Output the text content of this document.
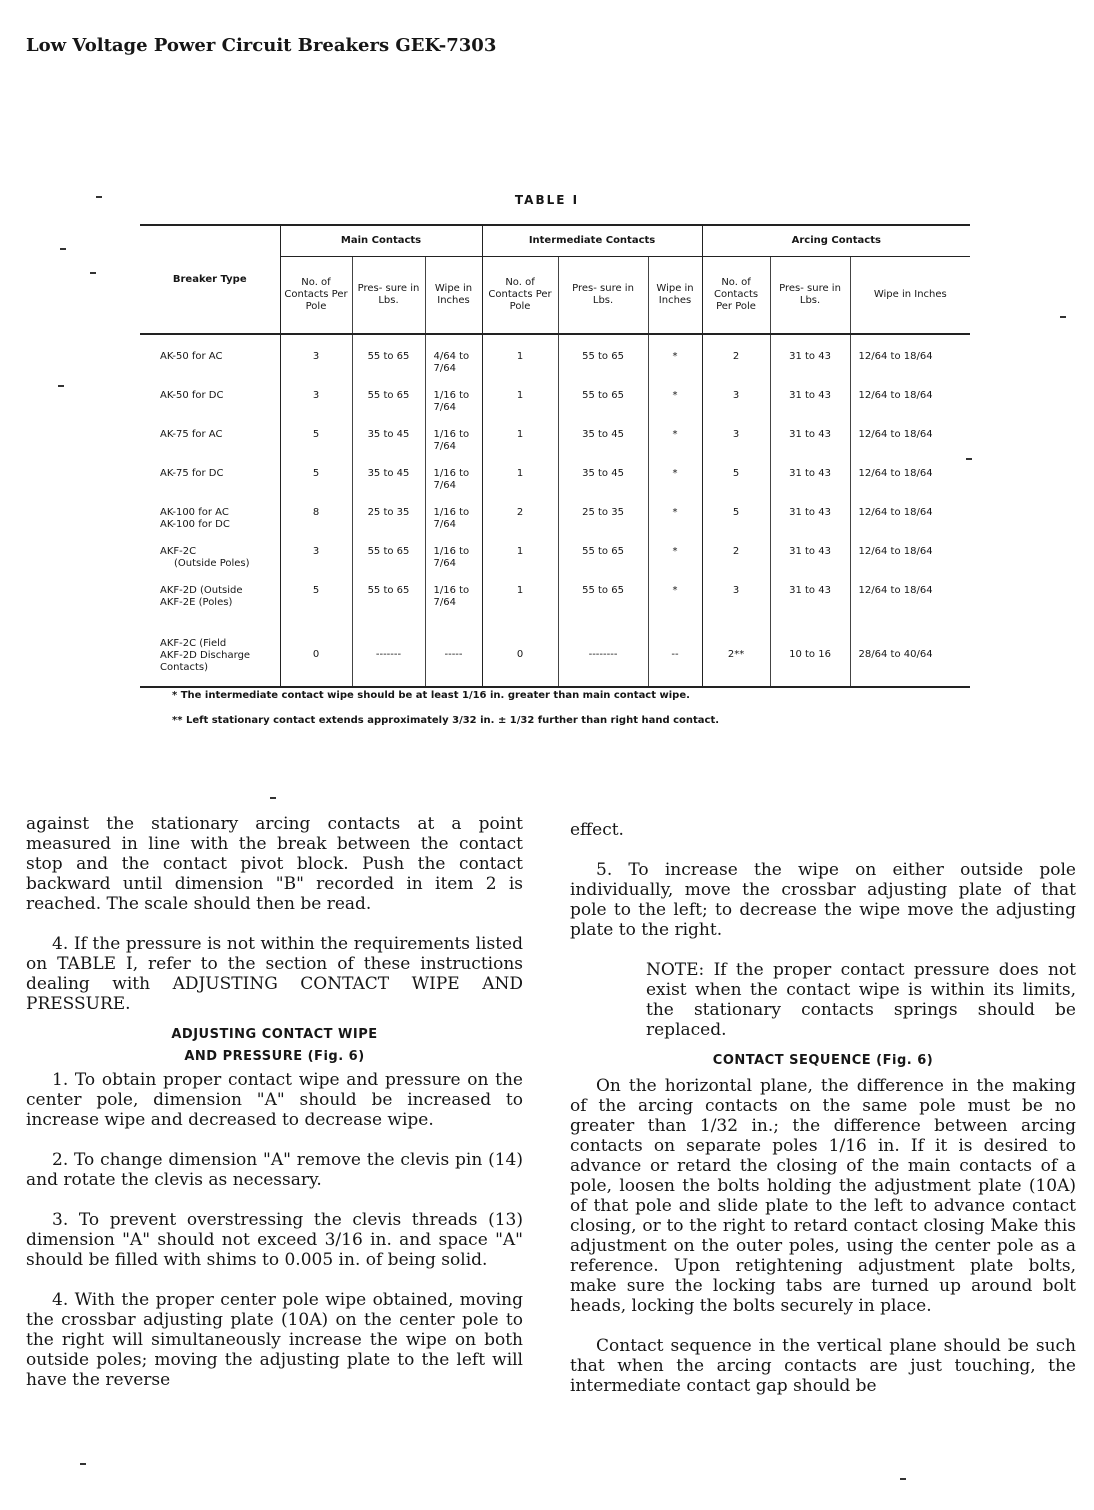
Low Voltage Power Circuit Breakers GEK-7303
TABLE I
Breaker Type	Main Contacts			Intermediate Contacts			Arcing Contacts		
	No. of Contacts Per Pole	Pres- sure in Lbs.	Wipe in Inches	No. of Contacts Per Pole	Pres- sure in Lbs.	Wipe in Inches	No. of Contacts Per Pole	Pres- sure in Lbs.	Wipe in Inches
AK-50 for AC	3	55 to 65	4/64 to 7/64	1	55 to 65	*	2	31 to 43	12/64 to 18/64
AK-50 for DC	3	55 to 65	1/16 to 7/64	1	55 to 65	*	3	31 to 43	12/64 to 18/64
AK-75 for AC	5	35 to 45	1/16 to 7/64	1	35 to 45	*	3	31 to 43	12/64 to 18/64
AK-75 for DC	5	35 to 45	1/16 to 7/64	1	35 to 45	*	5	31 to 43	12/64 to 18/64
AK-100 for AC
AK-100 for DC	8	25 to 35	1/16 to 7/64	2	25 to 35	*	5	31 to 43	12/64 to 18/64
AKF-2C

(Outside Poles)	3	55 to 65	1/16 to 7/64	1	55 to 65	*	2	31 to 43	12/64 to 18/64
AKF-2D (Outside
AKF-2E (Poles)	5	55 to 65	1/16 to 7/64	1	55 to 65	*	3	31 to 43	12/64 to 18/64
AKF-2C (Field
AKF-2D Discharge
Contacts)	0	-------	-----	0	--------	--	2**	10 to 16	28/64 to 40/64
* The intermediate contact wipe should be at least 1/16 in. greater than main contact wipe.
** Left stationary contact extends approximately 3/32 in. ± 1/32 further than right hand contact.

against the stationary arcing contacts at a point measured in line with the break between the contact stop and the contact pivot block. Push the contact backward until dimension "B" recorded in item 2 is reached. The scale should then be read.

4. If the pressure is not within the requirements listed on TABLE I, refer to the section of these instructions dealing with ADJUSTING CONTACT WIPE AND PRESSURE.

ADJUSTING CONTACT WIPE
AND PRESSURE (Fig. 6)

1. To obtain proper contact wipe and pressure on the center pole, dimension "A" should be increased to increase wipe and decreased to decrease wipe.

2. To change dimension "A" remove the clevis pin (14) and rotate the clevis as necessary.

3. To prevent overstressing the clevis threads (13) dimension "A" should not exceed 3/16 in. and space "A" should be filled with shims to 0.005 in. of being solid.

4. With the proper center pole wipe obtained, moving the crossbar adjusting plate (10A) on the center pole to the right will simultaneously increase the wipe on both outside poles; moving the adjusting plate to the left will have the reverse

effect.

5. To increase the wipe on either outside pole individually, move the crossbar adjusting plate of that pole to the left; to decrease the wipe move the adjusting plate to the right.

NOTE: If the proper contact pressure does not exist when the contact wipe is within its limits, the stationary contacts springs should be replaced.

CONTACT SEQUENCE (Fig. 6)

On the horizontal plane, the difference in the making of the arcing contacts on the same pole must be no greater than 1/32 in.; the difference between arcing contacts on separate poles 1/16 in. If it is desired to advance or retard the closing of the main contacts of a pole, loosen the bolts holding the adjustment plate (10A) of that pole and slide plate to the left to advance contact closing, or to the right to retard contact closing Make this adjustment on the outer poles, using the center pole as a reference. Upon retightening adjustment plate bolts, make sure the locking tabs are turned up around bolt heads, locking the bolts securely in place.

Contact sequence in the vertical plane should be such that when the arcing contacts are just touching, the intermediate contact gap should be
